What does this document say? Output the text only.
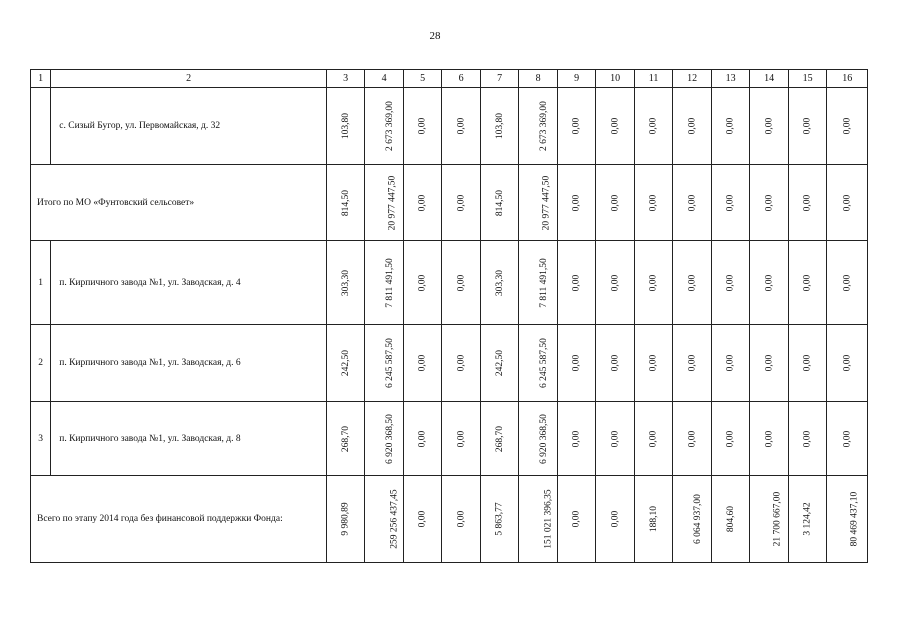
28
1	2	3	4	5	6	7	8	9	10	11	12	13	14	15	16
	с. Сизый Бугор, ул. Первомайская, д. 32	103,80	2 673 369,00	0,00	0,00	103,80	2 673 369,00	0,00	0,00	0,00	0,00	0,00	0,00	0,00	0,00
Итого по МО «Фунтовский сельсовет»		814,50	20 977 447,50	0,00	0,00	814,50	20 977 447,50	0,00	0,00	0,00	0,00	0,00	0,00	0,00	0,00
1	п. Кирпичного завода №1, ул. Заводская, д. 4	303,30	7 811 491,50	0,00	0,00	303,30	7 811 491,50	0,00	0,00	0,00	0,00	0,00	0,00	0,00	0,00
2	п. Кирпичного завода №1, ул. Заводская, д. 6	242,50	6 245 587,50	0,00	0,00	242,50	6 245 587,50	0,00	0,00	0,00	0,00	0,00	0,00	0,00	0,00
3	п. Кирпичного завода №1, ул. Заводская, д. 8	268,70	6 920 368,50	0,00	0,00	268,70	6 920 368,50	0,00	0,00	0,00	0,00	0,00	0,00	0,00	0,00
Всего по этапу 2014 года без финансовой поддержки Фонда:		9 980,89	259 256 437,45	0,00	0,00	5 863,77	151 021 396,35	0,00	0,00	188,10	6 064 937,00	804,60	21 700 667,00	3 124,42	80 469 437,10
